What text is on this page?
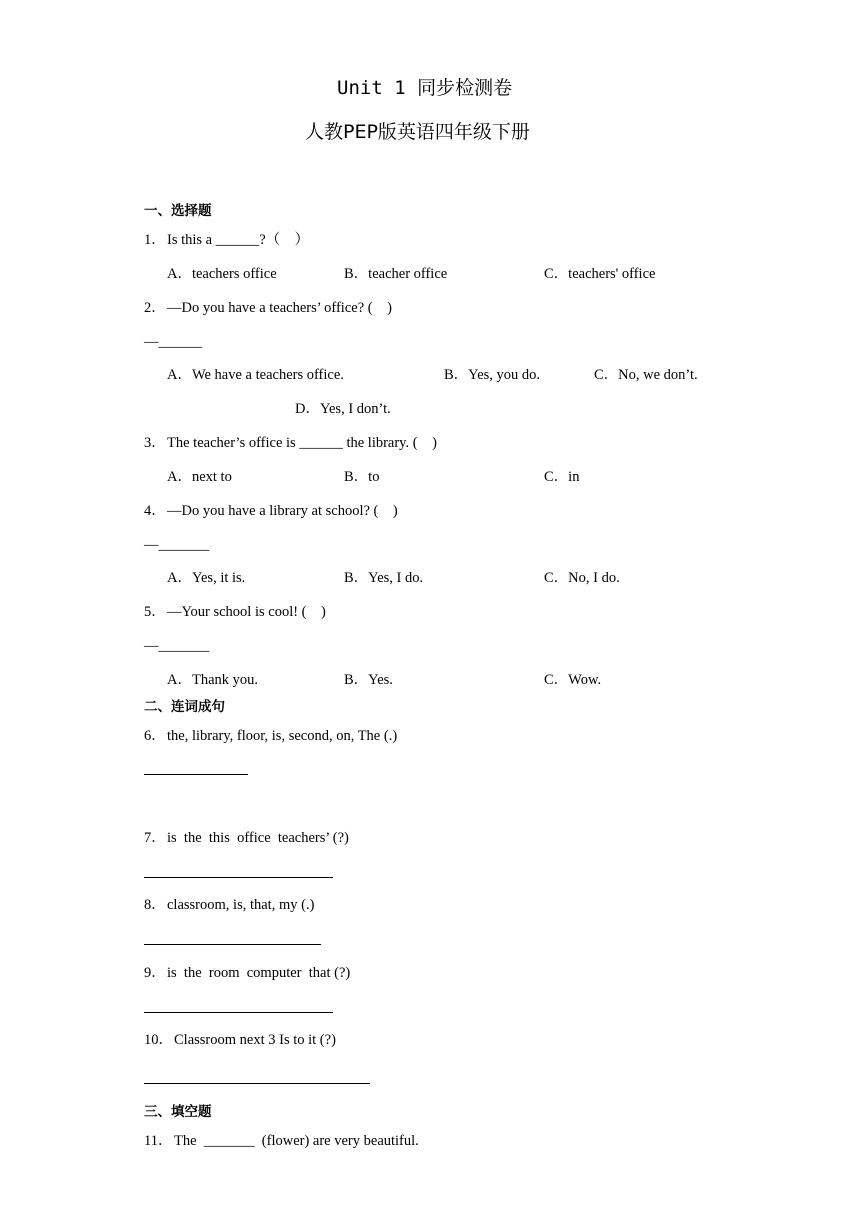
Unit 1 同步检测卷
人教PEP版英语四年级下册
一、选择题
1． Is this a ______?（　）
A．teachers office	B．teacher office	C．teachers' office
2． —Do you have a teachers’ office? (　)
—______
A．We have a teachers office.	B．Yes, you do.	C．No, we don’t.
D．Yes, I don’t.
3． The teacher’s office is ______ the library. (　)
A．next to	B．to	C．in
4． —Do you have a library at school? (　)
—_______
A．Yes, it is.	B．Yes, I do.	C．No, I do.
5． —Your school is cool! (　)
—_______
A．Thank you.	B．Yes.	C．Wow.
二、连词成句
6． the, library, floor, is, second, on, The (.)
7． is  the  this  office  teachers’ (?)
8． classroom, is, that, my (.)
9． is  the  room  computer  that (?)
10． Classroom next 3 Is to it (?)
三、填空题
11． The  _______  (flower) are very beautiful.
